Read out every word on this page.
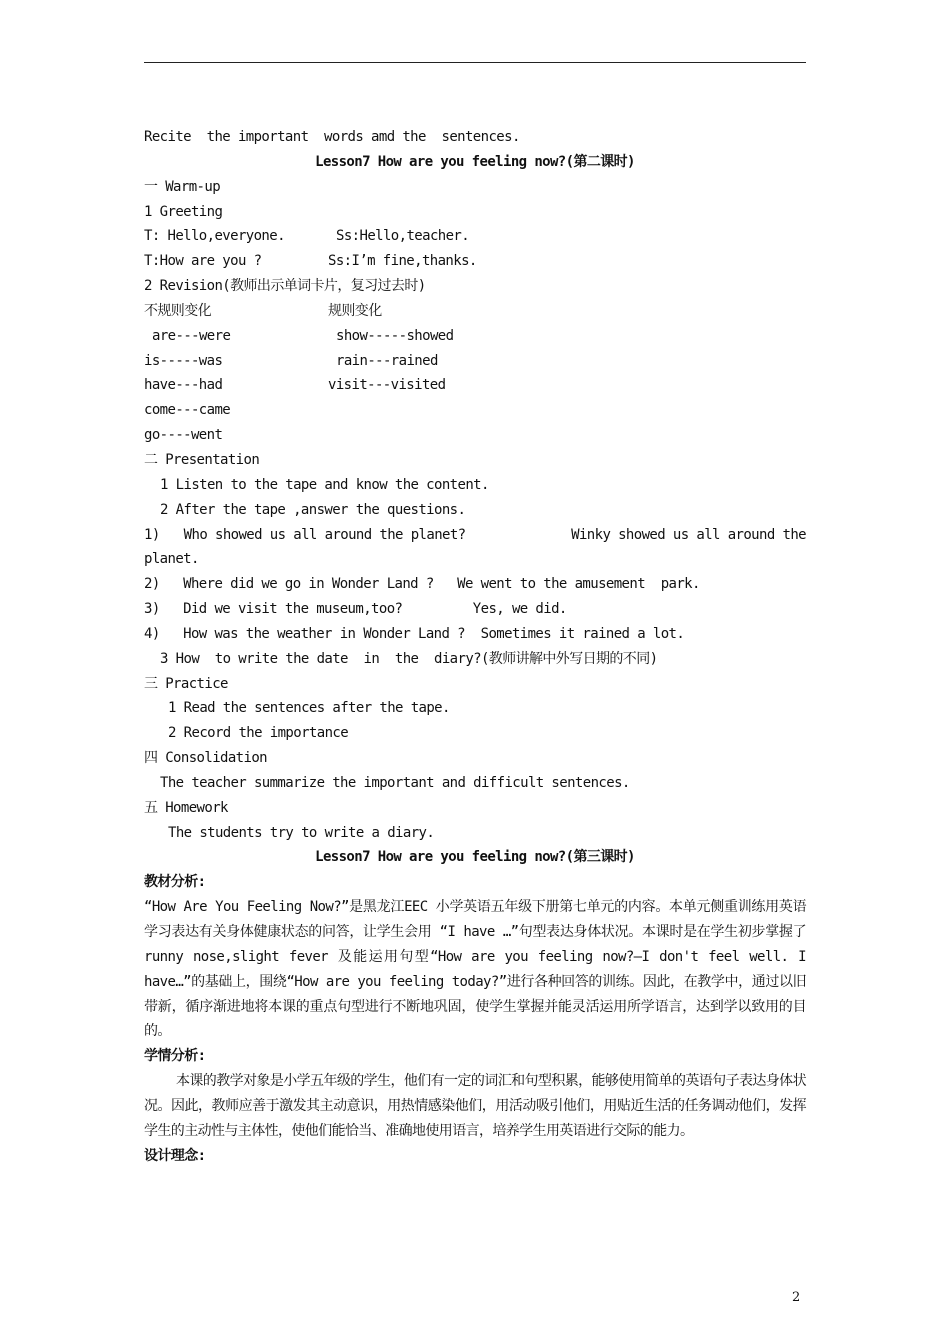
Recite  the important  words amd the  sentences.
Lesson7 How are you feeling now?(第二课时)
一 Warm-up
1 Greeting
T: Hello,everyone.	Ss:Hello,teacher.
T:How are you ?	Ss:I’m fine,thanks.
2 Revision(教师出示单词卡片，复习过去时)
不规则变化	规则变化
are---were	show-----showed
is-----was	rain---rained
have---had	visit---visited
come---came
go----went
二 Presentation
1 Listen to the tape and know the content.
2 After the tape ,answer the questions.
1) Who showed us all around the planet?	Winky showed us all around the
planet.
2)   Where did we go in Wonder Land ?   We went to the amusement  park.
3)   Did we visit the museum,too?         Yes, we did.
4)   How was the weather in Wonder Land ?  Sometimes it rained a lot.
3 How  to write the date  in  the  diary?(教师讲解中外写日期的不同)
三 Practice
1 Read the sentences after the tape.
2 Record the importance
四 Consolidation
The teacher summarize the important and difficult sentences.
五 Homework
The students try to write a diary.
Lesson7 How are you feeling now?(第三课时)
教材分析:
“How Are You Feeling Now?”是黑龙江EEC 小学英语五年级下册第七单元的内容。本单元侧重训练用英语学习表达有关身体健康状态的问答，让学生会用 “I have …”句型表达身体状况。本课时是在学生初步掌握了 runny nose,slight fever 及能运用句型“How are you feeling now?—I don't feel well. I have…”的基础上，围绕“How are you feeling today?”进行各种回答的训练。因此，在教学中，通过以旧带新，循序渐进地将本课的重点句型进行不断地巩固，使学生掌握并能灵活运用所学语言，达到学以致用的目的。
学情分析:
本课的教学对象是小学五年级的学生，他们有一定的词汇和句型积累，能够使用简单的英语句子表达身体状况。因此，教师应善于激发其主动意识，用热情感染他们，用活动吸引他们，用贴近生活的任务调动他们，发挥学生的主动性与主体性，使他们能恰当、准确地使用语言，培养学生用英语进行交际的能力。
设计理念:
2
